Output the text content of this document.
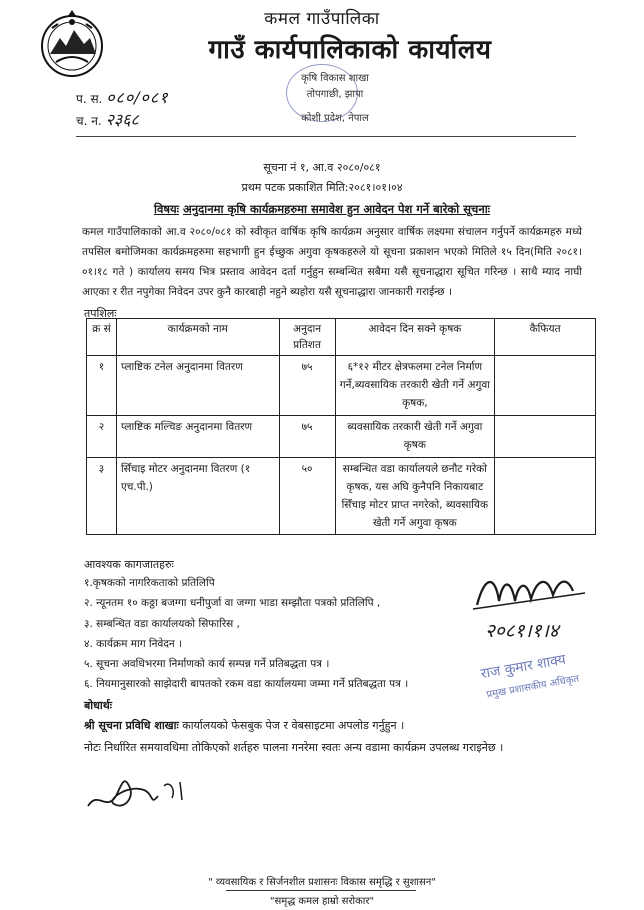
कमल गाउँपालिका
गाउँ कार्यपालिकाको कार्यालय
कृषि विकास शाखा
तोपगाछी, झापा
कोशी प्रदेश, नेपाल
प. स. ०८०/०८१
च. न. २३६८
सूचना नं १, आ.व २०८०/०८१
प्रथम पटक प्रकाशित मिति:२०८१।०१।०४
विषयः अनुदानमा कृषि कार्यक्रमहरुमा समावेश हुन आवेदन पेश गर्ने बारेको सूचनाः
कमल गाउँपालिकाको आ.व २०८०/०८१ को स्वीकृत वार्षिक कृषि कार्यक्रम अनुसार वार्षिक लक्ष्यमा संचालन गर्नुपर्ने कार्यक्रमहरु मध्ये तपसिल बमोजिमका कार्यक्रमहरुमा सहभागी हुन ईच्छुक अगुवा कृषकहरुले यो सूचना प्रकाशन भएको मितिले १५ दिन(मिति २०८१।०१।१८ गते ) कार्यालय समय भित्र प्रस्ताव आवेदन दर्ता गर्नुहुन सम्बन्धित सबैमा यसै सूचनाद्धारा सूचित गरिन्छ । साथै म्याद नाघी आएका र रीत नपुगेका निवेदन उपर कुनै कारबाही नहुने ब्यहोरा यसै सूचनाद्धारा जानकारी गराईन्छ ।
तपशिलः
क्र सं	कार्यक्रमको नाम	अनुदान प्रतिशत	आवेदन दिन सक्ने कृषक	कैफियत
१	प्लाष्टिक टनेल अनुदानमा वितरण	७५	६*१२ मीटर क्षेत्रफलमा टनेल निर्माण गर्ने,ब्यवसायिक तरकारी खेती गर्ने अगुवा कृषक,	
२	प्लाष्टिक मल्चिङ अनुदानमा वितरण	७५	ब्यवसायिक तरकारी खेती गर्ने अगुवा कृषक	
३	सिँचाइ मोटर अनुदानमा वितरण (१ एच.पी.)	५०	सम्बन्धित वडा कार्यालयले छनौट गरेको कृषक, यस अघि कुनैपनि निकायबाट सिँचाइ मोटर प्राप्त नगरेको, ब्यवसायिक खेती गर्ने अगुवा कृषक	
आवश्यक कागजातहरुः
१.कृषकको नागरिकताको प्रतिलिपि
२. न्यूनतम १० कठ्ठा बजग्गा धनीपुर्जा वा जग्गा भाडा सम्झौता पत्रको प्रतिलिपि ,
३. सम्बन्धित वडा कार्यालयको सिफारिस ,
४. कार्यक्रम माग निवेदन ।
५. सूचना अवधिभरमा निर्माणको कार्य सम्पन्न गर्ने प्रतिबद्धता पत्र ।
६. नियमानुसारको साझेदारी बापतको रकम वडा कार्यालयमा जम्मा गर्ने प्रतिबद्धता पत्र ।
बोधार्थः
श्री सूचना प्रविधि शाखाः कार्यालयको फेसबुक पेज र वेबसाइटमा अपलोड गर्नुहुन ।
नोटः निर्धारित समयावधिमा तोकिएको शर्तहरु पालना गनरेमा स्वतः अन्य वडामा कार्यक्रम उपलब्ध गराइनेछ ।
२०८१।१।४
राज कुमार शाक्य
प्रमुख प्रशासकीय अधिकृत
" व्यवसायिक र सिर्जनशील प्रशासनः विकास समृद्धि र सुशासन"
"समृद्ध कमल हाम्रो सरोकार"
